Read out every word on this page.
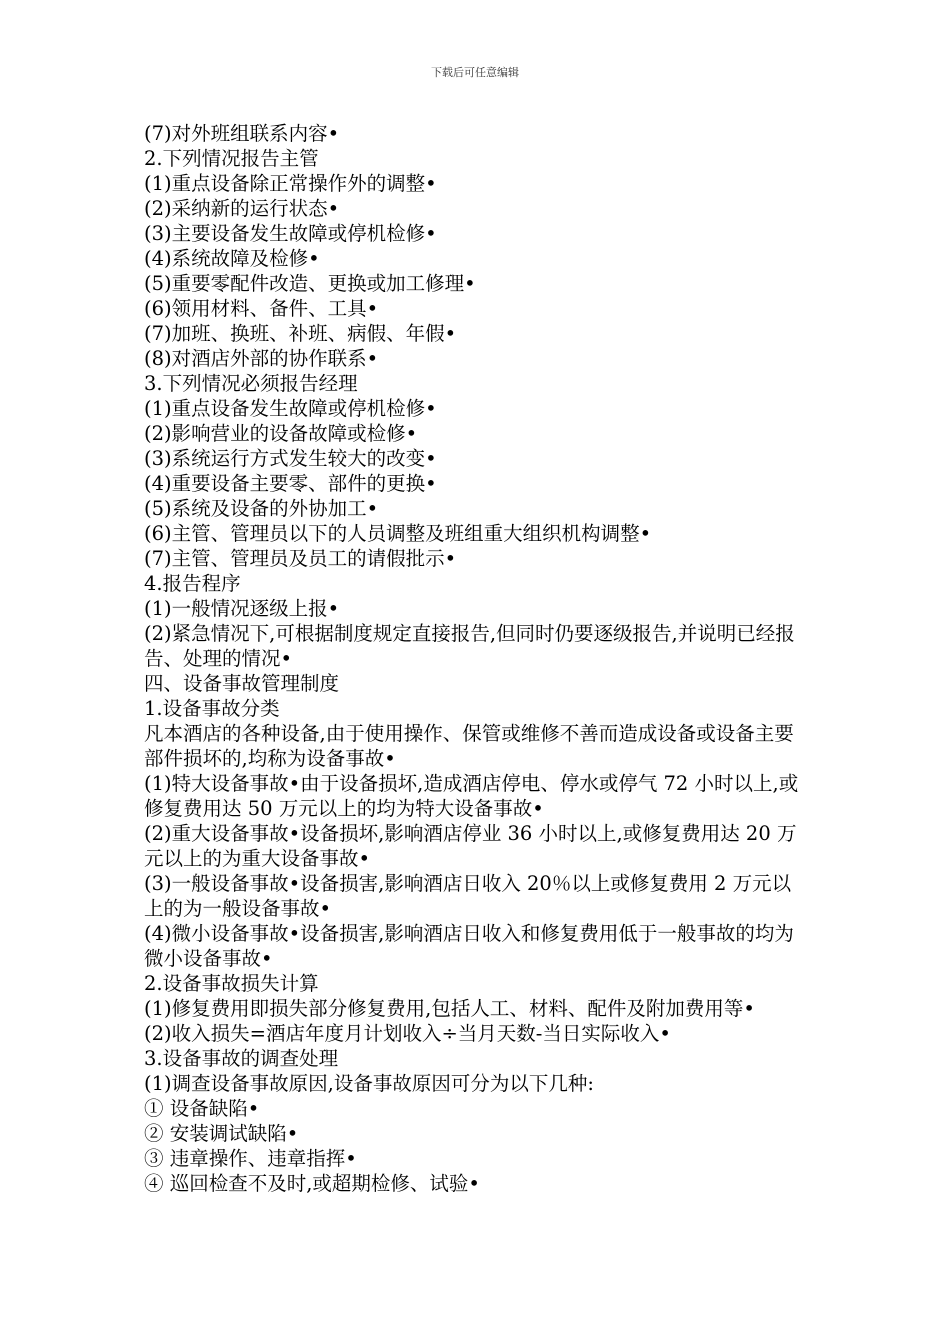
下载后可任意编辑

(7)对外班组联系内容•

2.下列情况报告主管

(1)重点设备除正常操作外的调整•

(2)采纳新的运行状态•

(3)主要设备发生故障或停机检修•

(4)系统故障及检修•

(5)重要零配件改造、更换或加工修理•

(6)领用材料、备件、工具•

(7)加班、换班、补班、病假、年假•

(8)对酒店外部的协作联系•

3.下列情况必须报告经理

(1)重点设备发生故障或停机检修•

(2)影响营业的设备故障或检修•

(3)系统运行方式发生较大的改变•

(4)重要设备主要零、部件的更换•

(5)系统及设备的外协加工•

(6)主管、管理员以下的人员调整及班组重大组织机构调整•

(7)主管、管理员及员工的请假批示•

4.报告程序

(1)一般情况逐级上报•

(2)紧急情况下,可根据制度规定直接报告,但同时仍要逐级报告,并说明已经报告、处理的情况•

四、设备事故管理制度

1.设备事故分类

凡本酒店的各种设备,由于使用操作、保管或维修不善而造成设备或设备主要部件损坏的,均称为设备事故•

(1)特大设备事故•由于设备损坏,造成酒店停电、停水或停气 72 小时以上,或修复费用达 50 万元以上的均为特大设备事故•

(2)重大设备事故•设备损坏,影响酒店停业 36 小时以上,或修复费用达 20 万元以上的为重大设备事故•

(3)一般设备事故•设备损害,影响酒店日收入 20％以上或修复费用 2 万元以上的为一般设备事故•

(4)微小设备事故•设备损害,影响酒店日收入和修复费用低于一般事故的均为微小设备事故•

2.设备事故损失计算

(1)修复费用即损失部分修复费用,包括人工、材料、配件及附加费用等•

(2)收入损失=酒店年度月计划收入÷当月天数-当日实际收入•

3.设备事故的调查处理

(1)调查设备事故原因,设备事故原因可分为以下几种:

① 设备缺陷•

② 安装调试缺陷•

③ 违章操作、违章指挥•

④ 巡回检查不及时,或超期检修、试验•
